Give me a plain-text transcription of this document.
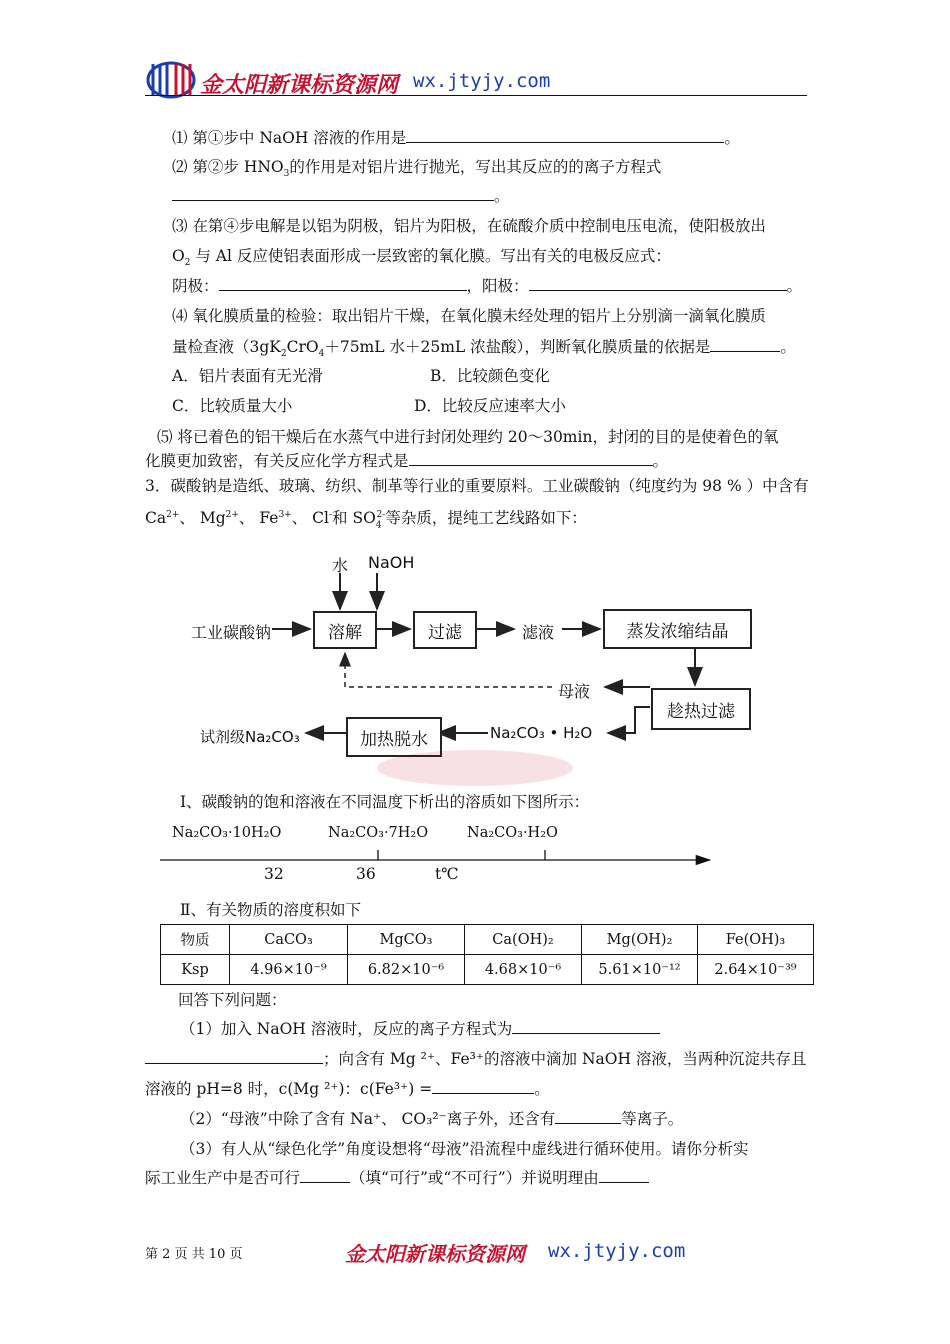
金太阳新课标资源网 wx.jtyjy.com
⑴ 第①步中 NaOH 溶液的作用是	。
⑵ 第②步 $HNO_3$的作用是对铝片进行抛光，写出其反应的的离子方程式
。
⑶ 在第④步电解是以铝为阴极，铝片为阳极，在硫酸介质中控制电压电流，使阳极放出
$O_2$ 与 Al 反应使铝表面形成一层致密的氧化膜。写出有关的电极反应式：
阴极：	，阳极：	。
⑷ 氧化膜质量的检验：取出铝片干燥，在氧化膜未经处理的铝片上分别滴一滴氧化膜质
量检查液（$3gK_2CrO_4+75mL$ 水＋25mL 浓盐酸），判断氧化膜质量的依据是	。
A．铝片表面有无光滑	B．比较颜色变化
C．比较质量大小	D．比较反应速率大小
⑸ 将已着色的铝干燥后在水蒸气中进行封闭处理约 20～30min，封闭的目的是使着色的氧
化膜更加致密，有关反应化学方程式是	。
3．碳酸钠是造纸、玻璃、纺织、制革等行业的重要原料。工业碳酸钠（纯度约为 98 % ）中含有
$Ca^{2+}$、 $Mg^{2+}$、 $Fe^{3+}$、 Cl-和 $SO_4^{2-}$等杂质，提纯工艺线路如下：
水 NaOH
工业碳酸钠	溶解	过滤	滤液	蒸发浓缩结晶
母液
趁热过滤
Na₂CO₃ • H₂O
加热脱水
试剂级Na₂CO₃
Ⅰ、碳酸钠的饱和溶液在不同温度下析出的溶质如下图所示：
Na₂CO₃·10H₂O	Na₂CO₃·7H₂O	Na₂CO₃·H₂O
32	36	t℃
Ⅱ、有关物质的溶度积如下
物质	CaCO₃	MgCO₃	Ca(OH)₂	Mg(OH)₂	Fe(OH)₃
Ksp	4.96×10⁻⁹	6.82×10⁻⁶	4.68×10⁻⁶	5.61×10⁻¹²	2.64×10⁻³⁹
回答下列问题：
（1）加入 NaOH 溶液时，反应的离子方程式为
；向含有 Mg ²⁺、Fe³⁺的溶液中滴加 NaOH 溶液，当两种沉淀共存且
溶液的 pH=8 时，c(Mg ²⁺)：c(Fe³⁺) =	。
（2）“母液”中除了含有 Na⁺、 CO₃²⁻离子外，还含有	等离子。
（3）有人从“绿色化学”角度设想将“母液”沿流程中虚线进行循环使用。请你分析实
际工业生产中是否可行	（填“可行”或“不可行”）并说明理由
第 2 页 共 10 页	金太阳新课标资源网 wx.jtyjy.com
